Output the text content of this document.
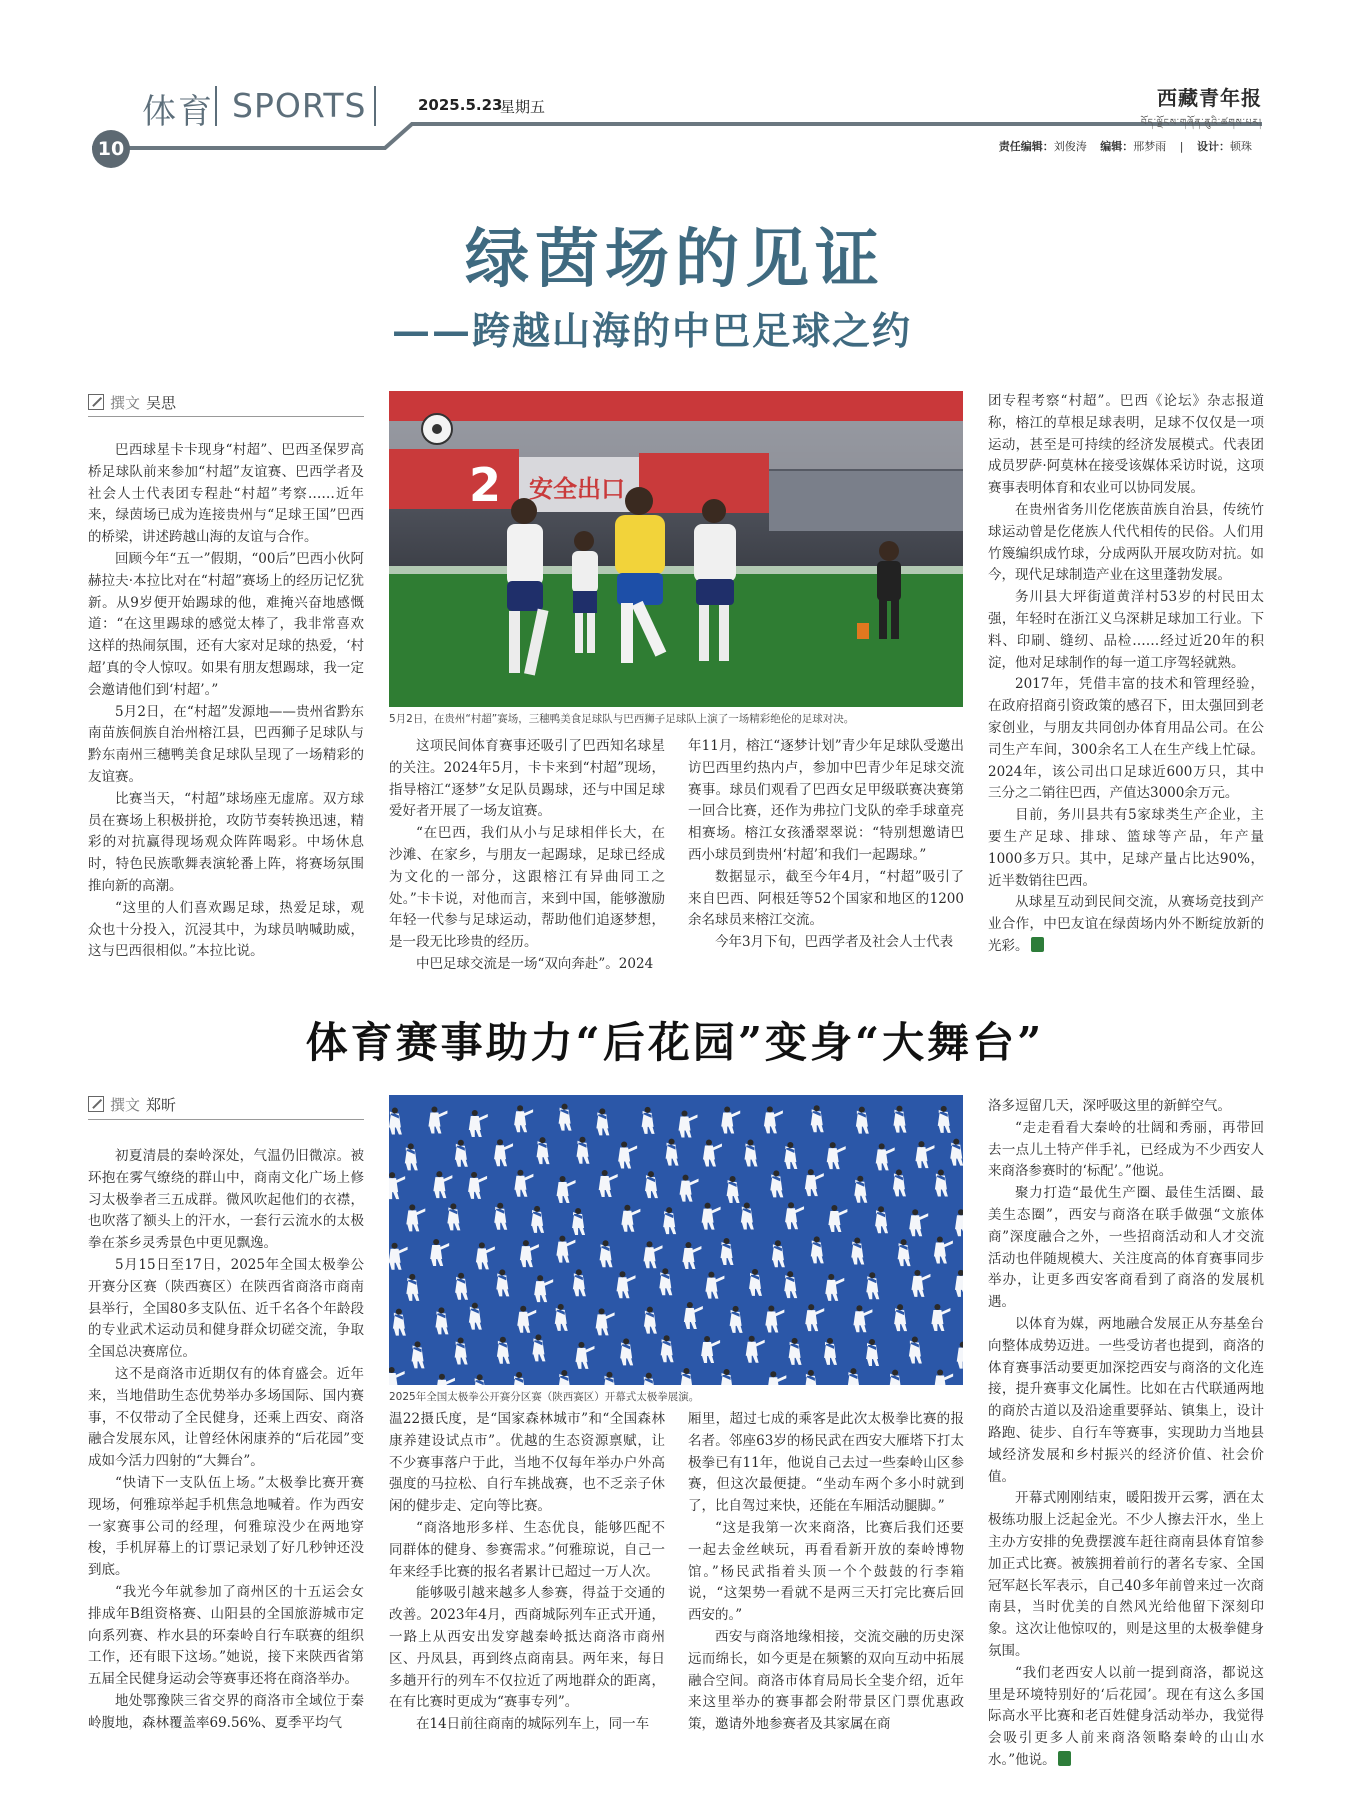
体育 SPORTS	2025.5.23
星期五
10
西藏青年报
བོད་ལྗོངས་གཞོན་ནུའི་ཚགས་པར།
责任编辑：刘俊涛 编辑：邢梦雨 | 设计：顿珠
绿茵场的见证
——跨越山海的中巴足球之约
撰文 吴思

巴西球星卡卡现身“村超”、巴西圣保罗高桥足球队前来参加“村超”友谊赛、巴西学者及社会人士代表团专程赴“村超”考察……近年来，绿茵场已成为连接贵州与“足球王国”巴西的桥梁，讲述跨越山海的友谊与合作。

回顾今年“五一”假期，“00后”巴西小伙阿赫拉夫·本拉比对在“村超”赛场上的经历记忆犹新。从9岁便开始踢球的他，难掩兴奋地感慨道：“在这里踢球的感觉太棒了，我非常喜欢这样的热闹氛围，还有大家对足球的热爱，‘村超’真的令人惊叹。如果有朋友想踢球，我一定会邀请他们到‘村超’。”

5月2日，在“村超”发源地——贵州省黔东南苗族侗族自治州榕江县，巴西狮子足球队与黔东南州三穗鸭美食足球队呈现了一场精彩的友谊赛。

比赛当天，“村超”球场座无虚席。双方球员在赛场上积极拼抢，攻防节奏转换迅速，精彩的对抗赢得现场观众阵阵喝彩。中场休息时，特色民族歌舞表演轮番上阵，将赛场氛围推向新的高潮。

“这里的人们喜欢踢足球，热爱足球，观众也十分投入，沉浸其中，为球员呐喊助威，这与巴西很相似。”本拉比说。

2 安全出口
5月2日，在贵州“村超”赛场，三穗鸭美食足球队与巴西狮子足球队上演了一场精彩绝伦的足球对决。

这项民间体育赛事还吸引了巴西知名球星的关注。2024年5月，卡卡来到“村超”现场，指导榕江“逐梦”女足队员踢球，还与中国足球爱好者开展了一场友谊赛。

“在巴西，我们从小与足球相伴长大，在沙滩、在家乡，与朋友一起踢球，足球已经成为文化的一部分，这跟榕江有异曲同工之处。”卡卡说，对他而言，来到中国，能够激励年轻一代参与足球运动，帮助他们追逐梦想，是一段无比珍贵的经历。

中巴足球交流是一场“双向奔赴”。2024

年11月，榕江“逐梦计划”青少年足球队受邀出访巴西里约热内卢，参加中巴青少年足球交流赛事。球员们观看了巴西女足甲级联赛决赛第一回合比赛，还作为弗拉门戈队的牵手球童亮相赛场。榕江女孩潘翠翠说：“特别想邀请巴西小球员到贵州‘村超’和我们一起踢球。”

数据显示，截至今年4月，“村超”吸引了来自巴西、阿根廷等52个国家和地区的1200余名球员来榕江交流。

今年3月下旬，巴西学者及社会人士代表

团专程考察“村超”。巴西《论坛》杂志报道称，榕江的草根足球表明，足球不仅仅是一项运动，甚至是可持续的经济发展模式。代表团成员罗萨·阿莫林在接受该媒体采访时说，这项赛事表明体育和农业可以协同发展。

在贵州省务川仡佬族苗族自治县，传统竹球运动曾是仡佬族人代代相传的民俗。人们用竹篾编织成竹球，分成两队开展攻防对抗。如今，现代足球制造产业在这里蓬勃发展。

务川县大坪街道黄洋村53岁的村民田太强，年轻时在浙江义乌深耕足球加工行业。下料、印刷、缝纫、品检……经过近20年的积淀，他对足球制作的每一道工序驾轻就熟。

2017年，凭借丰富的技术和管理经验，在政府招商引资政策的感召下，田太强回到老家创业，与朋友共同创办体育用品公司。在公司生产车间，300余名工人在生产线上忙碌。2024年，该公司出口足球近600万只，其中三分之二销往巴西，产值达3000余万元。

目前，务川县共有5家球类生产企业，主要生产足球、排球、篮球等产品，年产量1000多万只。其中，足球产量占比达90%，近半数销往巴西。

从球星互动到民间交流，从赛场竞技到产业合作，中巴友谊在绿茵场内外不断绽放新的光彩。

体育赛事助力“后花园”变身“大舞台”
撰文 郑昕

初夏清晨的秦岭深处，气温仍旧微凉。被环抱在雾气缭绕的群山中，商南文化广场上修习太极拳者三五成群。微风吹起他们的衣襟，也吹落了额头上的汗水，一套行云流水的太极拳在茶乡灵秀景色中更见飘逸。

5月15日至17日，2025年全国太极拳公开赛分区赛（陕西赛区）在陕西省商洛市商南县举行，全国80多支队伍、近千名各个年龄段的专业武术运动员和健身群众切磋交流，争取全国总决赛席位。

这不是商洛市近期仅有的体育盛会。近年来，当地借助生态优势举办多场国际、国内赛事，不仅带动了全民健身，还乘上西安、商洛融合发展东风，让曾经休闲康养的“后花园”变成如今活力四射的“大舞台”。

“快请下一支队伍上场。”太极拳比赛开赛现场，何雅琼举起手机焦急地喊着。作为西安一家赛事公司的经理，何雅琼没少在两地穿梭，手机屏幕上的订票记录划了好几秒钟还没到底。

“我光今年就参加了商州区的十五运会女排成年B组资格赛、山阳县的全国旅游城市定向系列赛、柞水县的环秦岭自行车联赛的组织工作，还有眼下这场。”她说，接下来陕西省第五届全民健身运动会等赛事还将在商洛举办。

地处鄂豫陕三省交界的商洛市全域位于秦岭腹地，森林覆盖率69.56%、夏季平均气

2025年全国太极拳公开赛分区赛（陕西赛区）开幕式太极拳展演。

温22摄氏度，是“国家森林城市”和“全国森林康养建设试点市”。优越的生态资源禀赋，让不少赛事落户于此，当地不仅每年举办户外高强度的马拉松、自行车挑战赛，也不乏亲子休闲的健步走、定向等比赛。

“商洛地形多样、生态优良，能够匹配不同群体的健身、参赛需求。”何雅琼说，自己一年来经手比赛的报名者累计已超过一万人次。

能够吸引越来越多人参赛，得益于交通的改善。2023年4月，西商城际列车正式开通，一路上从西安出发穿越秦岭抵达商洛市商州区、丹凤县，再到终点商南县。两年来，每日多趟开行的列车不仅拉近了两地群众的距离，在有比赛时更成为“赛事专列”。

在14日前往商南的城际列车上，同一车

厢里，超过七成的乘客是此次太极拳比赛的报名者。邻座63岁的杨民武在西安大雁塔下打太极拳已有11年，他说自己去过一些秦岭山区参赛，但这次最便捷。“坐动车两个多小时就到了，比自驾过来快，还能在车厢活动腿脚。”

“这是我第一次来商洛，比赛后我们还要一起去金丝峡玩，再看看新开放的秦岭博物馆。”杨民武指着头顶一个个鼓鼓的行李箱说，“这架势一看就不是两三天打完比赛后回西安的。”

西安与商洛地缘相接，交流交融的历史深远而绵长，如今更是在频繁的双向互动中拓展融合空间。商洛市体育局局长全斐介绍，近年来这里举办的赛事都会附带景区门票优惠政策，邀请外地参赛者及其家属在商

洛多逗留几天，深呼吸这里的新鲜空气。

“走走看看大秦岭的壮阔和秀丽，再带回去一点儿土特产伴手礼，已经成为不少西安人来商洛参赛时的‘标配’。”他说。

聚力打造“最优生产圈、最佳生活圈、最美生态圈”，西安与商洛在联手做强“文旅体商”深度融合之外，一些招商活动和人才交流活动也伴随规模大、关注度高的体育赛事同步举办，让更多西安客商看到了商洛的发展机遇。

以体育为媒，两地融合发展正从夯基垒台向整体成势迈进。一些受访者也提到，商洛的体育赛事活动要更加深挖西安与商洛的文化连接，提升赛事文化属性。比如在古代联通两地的商於古道以及沿途重要驿站、镇集上，设计路跑、徒步、自行车等赛事，实现助力当地县域经济发展和乡村振兴的经济价值、社会价值。

开幕式刚刚结束，暖阳拨开云雾，洒在太极练功服上泛起金光。不少人擦去汗水，坐上主办方安排的免费摆渡车赶往商南县体育馆参加正式比赛。被簇拥着前行的著名专家、全国冠军赵长军表示，自己40多年前曾来过一次商南县，当时优美的自然风光给他留下深刻印象。这次让他惊叹的，则是这里的太极拳健身氛围。

“我们老西安人以前一提到商洛，都说这里是环境特别好的‘后花园’。现在有这么多国际高水平比赛和老百姓健身活动举办，我觉得会吸引更多人前来商洛领略秦岭的山山水水。”他说。
